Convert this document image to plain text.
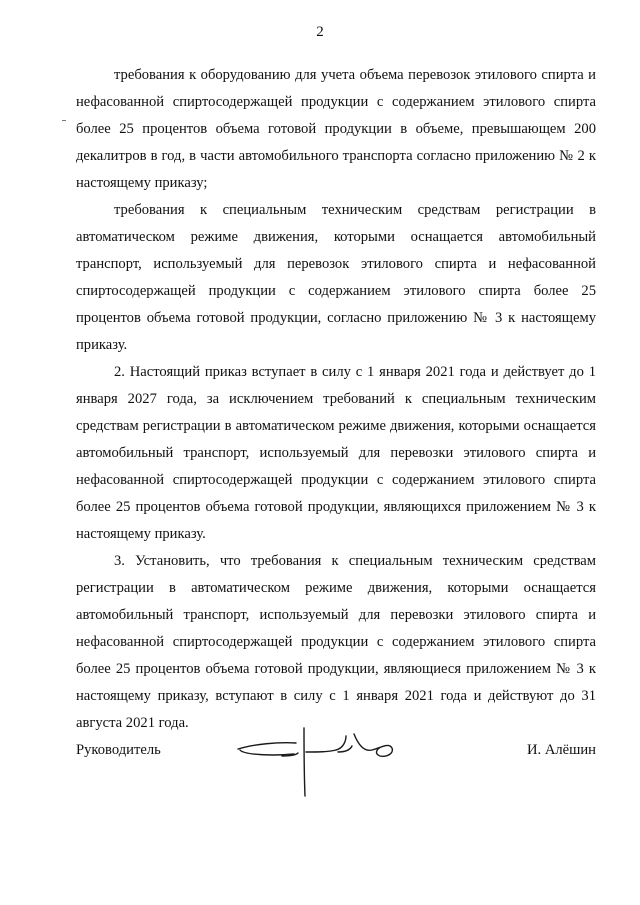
2

требования к оборудованию для учета объема перевозок этилового спирта и нефасованной спиртосодержащей продукции с содержанием этилового спирта более 25 процентов объема готовой продукции в объеме, превышающем 200 декалитров в год, в части автомобильного транспорта согласно приложению № 2 к настоящему приказу;

требования к специальным техническим средствам регистрации в автоматическом режиме движения, которыми оснащается автомобильный транспорт, используемый для перевозок этилового спирта и нефасованной спиртосодержащей продукции с содержанием этилового спирта более 25 процентов объема готовой продукции, согласно приложению № 3 к настоящему приказу.

2. Настоящий приказ вступает в силу с 1 января 2021 года и действует до 1 января 2027 года, за исключением требований к специальным техническим средствам регистрации в автоматическом режиме движения, которыми оснащается автомобильный транспорт, используемый для перевозки этилового спирта и нефасованной спиртосодержащей продукции с содержанием этилового спирта более 25 процентов объема готовой продукции, являющихся приложением № 3 к настоящему приказу.

3. Установить, что требования к специальным техническим средствам регистрации в автоматическом режиме движения, которыми оснащается автомобильный транспорт, используемый для перевозки этилового спирта и нефасованной спиртосодержащей продукции с содержанием этилового спирта более 25 процентов объема готовой продукции, являющиеся приложением № 3 к настоящему приказу, вступают в силу с 1 января 2021 года и действуют до 31 августа 2021 года.

Руководитель	И. Алёшин
